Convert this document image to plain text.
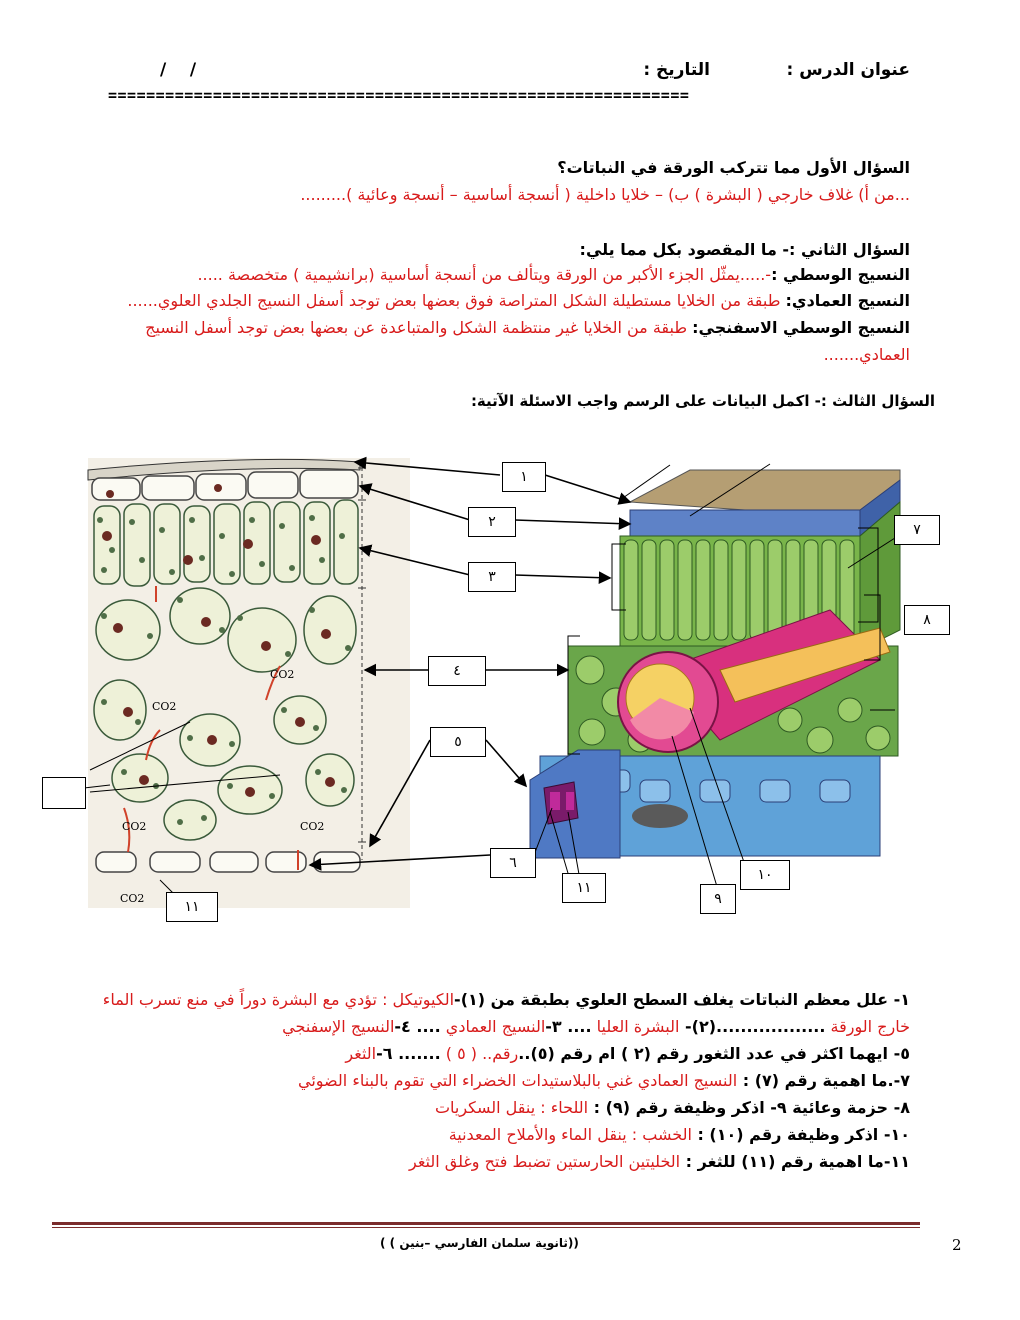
عنوان الدرس :
التاريخ :
/    /
=============================================================
السؤال الأول مما تتركب الورقة في النباتات؟
...من أ) غلاف خارجي ( البشرة ) ب) – خلايا داخلية ( أنسجة أساسية – أنسجة وعائية ).........
السؤال الثاني :- ما المقصود بكل مما يلي:
النسيج الوسطي :-.....يمثّل الجزء الأكبر من الورقة ويتألف من أنسجة أساسية (برانشيمية ) متخصصة .....
النسيج العمادي: طبقة من الخلايا مستطيلة الشكل المتراصة فوق بعضها بعض توجد أسفل النسيج الجلدي العلوي......
النسيج الوسطي الاسفنجي: طبقة من الخلايا غير منتظمة الشكل والمتباعدة عن بعضها بعض توجد أسفل النسيج
العمادي.......
السؤال الثالث :- اكمل البيانات على الرسم واجب الاسئلة الآتية:
CO2
CO2
CO2	CO2
CO2
١
٢
٣
٤
٥
٦
٧
٨
٩
١٠
١١
١١
١- علل معظم النباتات يغلف السطح العلوي بطبقة من (١)-الكيوتيكل : تؤدي مع البشرة دوراً في منع تسرب الماء
خارج الورقة ..................(٢)- البشرة العليا .... ٣-النسيج العمادي .... ٤-النسيج الإسفنجي
٥- ايهما اكثر في عدد الثغور رقم (٢ ) ام رقم (٥)..رقم.. ( ٥ ) ....... ٦-الثغر
٧-.ما اهمية رقم (٧) : النسيج العمادي غني بالبلاستيدات الخضراء التي تقوم بالبناء الضوئي
٨- حزمة وعائية ٩- اذكر وظيفة رقم (٩) : اللحاء : ينقل السكريات
١٠- اذكر وظيفة رقم (١٠) : الخشب : ينقل الماء والأملاح المعدنية
١١-ما اهمية رقم (١١) للثغر : الخليتين الحارستين تضبط فتح وغلق الثغر
((ثانوية سلمان الفارسي –بنين ) )	2
